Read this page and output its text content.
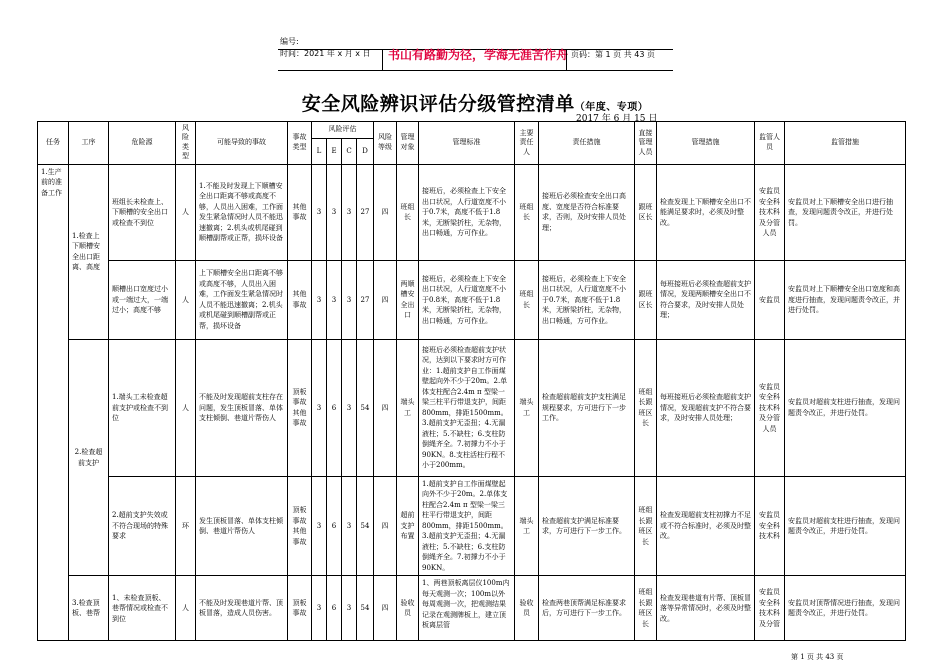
编号:
时间：2021 年 x 月 x 日 书山有路勤为径，学海无涯苦作舟 页码：第 1 页 共 43 页
安全风险辨识评估分级管控清单（年度、专项）
2017 年 6 月 15 日
任务	工序	危险源	风险类型	可能导致的事故	事故类型	风险评估				风险等级	管理对象	管理标准	主要责任人	责任措施	直接管理人员	管理措施	监管人员	监管措施
						L	E	C	D									
1.生产前的准备工作	1.检查上下顺槽安全出口距离、高度	班组长未检查上、下顺槽的安全出口或检查不到位	人	1.不能及时发现上下顺槽安全出口距离不够或高度不够，人员出入困难，工作面发生紧急情况时人员不能迅速撤离；2.机头或机尾碰到顺槽副帮或正帮，损坏设备	其他事故	3	3	3	27	四	班组长	接班后，必须检查上下安全出口状况，人行道宽度不小于0.7米，高度不低于1.8米，无断梁折柱，无杂物，出口畅通，方可作业。	班组长	接班后必须检查安全出口高度、宽度是否符合标准要求，否则，及时安排人员处理；	跟班区长	检查发现上下顺槽安全出口不能满足要求时，必须及时整改。	安监员安全科技术科及分管人员	安监员对上下顺槽安全出口进行抽查，发现问题责令改正，并进行处罚。
		顺槽出口宽度过小或一端过大，一端过小；高度不够	人	上下顺槽安全出口距离不够或高度不够，人员出入困难，工作面发生紧急情况时人员不能迅速撤离；2.机头或机尾碰到顺槽副帮或正帮，损坏设备	其他事故	3	3	3	27	四	两顺槽安全出口	接班后，必须检查上下安全出口状况，人行道宽度不小于0.8米，高度不低于1.8米，无断梁折柱，无杂物，出口畅通，方可作业。	班组长	接班后，必须检查上下安全出口状况，人行道宽度不小于0.7米，高度不低于1.8米，无断梁折柱，无杂物，出口畅通，方可作业。	跟班区长	每班接班后必须检查超前支护情况，发现两顺槽安全出口不符合要求，及时安排人员处理；	安监员	安监员对上下顺槽安全出口宽度和高度进行抽查，发现问题责令改正，并进行处罚。
	2.检查超前支护	1.端头工未检查超前支护或检查不到位	人	不能及时发现超前支柱存在问题，发生顶板冒落、单体支柱倾倒、巷道片帮伤人	顶板事故其他事故	3	6	3	54	四	端头工	接班后必须检查超前支护状况，达到以下要求时方可作业：1.超前支护自工作面煤壁起向外不少于20m。2.单体支柱配合2.4m π 型梁一梁三柱平行带退支护，间距800mm，排距1500mm。3.超前支护无歪扭；4.无漏液柱；5.不缺柱；6.支柱防倒绳齐全。7.初撑力不小于90KN。8.支柱活柱行程不小于200mm。	端头工	检查超前超前支护支柱满足规程要求，方可进行下一步工作。	班组长跟班区长	每班接班后必须检查超前支护情况，发现超前支护不符合要求，及时安排人员处理；	安监员安全科技术科及分管人员	安监员对超前支柱进行抽查，发现问题责令改正，并进行处罚。
		2.超前支护失效或不符合现场的特殊要求	环	发生顶板冒落、单体支柱倾倒、巷道片帮伤人	顶板事故其他事故	3	6	3	54	四	超前支护布置	1.超前支护自工作面煤壁起向外不少于20m。2.单体支柱配合2.4m π 型梁一梁三柱平行带退支护，间距800mm，排距1500mm。3.超前支护无歪扭；4.无漏液柱；5.不缺柱；6.支柱防倒绳齐全。7.初撑力不小于90KN。	端头工	检查超前支护满足标准要求，方可进行下一步工作。	班组长跟班区长	检查发现超前支柱初撑力不足或不符合标准时，必须及时整改。	安监员安全科技术科	安监员对超前支柱进行抽查，发现问题责令改正，并进行处罚。
	3.检查顶板、巷帮	1、未检查顶板、巷帮情况或检查不到位	人	不能及时发现巷道片帮、顶板冒落，造成人员伤害。	顶板事故	3	6	3	54	四	验收员	1、两巷顶板离层仪100m内每天观测一次；100m以外每周观测一次，把观测结果记录在观测牌板上，建立顶板离层管	验收员	检查两巷顶帮满足标准要求后，方可进行下一步工作。	班组长跟班区长	检查发现巷道有片帮、顶板冒落等异常情况时，必须及时整改。	安监员安全科技术科及分管	安监员对顶帮情况进行抽查，发现问题责令改正，并进行处罚。
第 1 页 共 43 页
